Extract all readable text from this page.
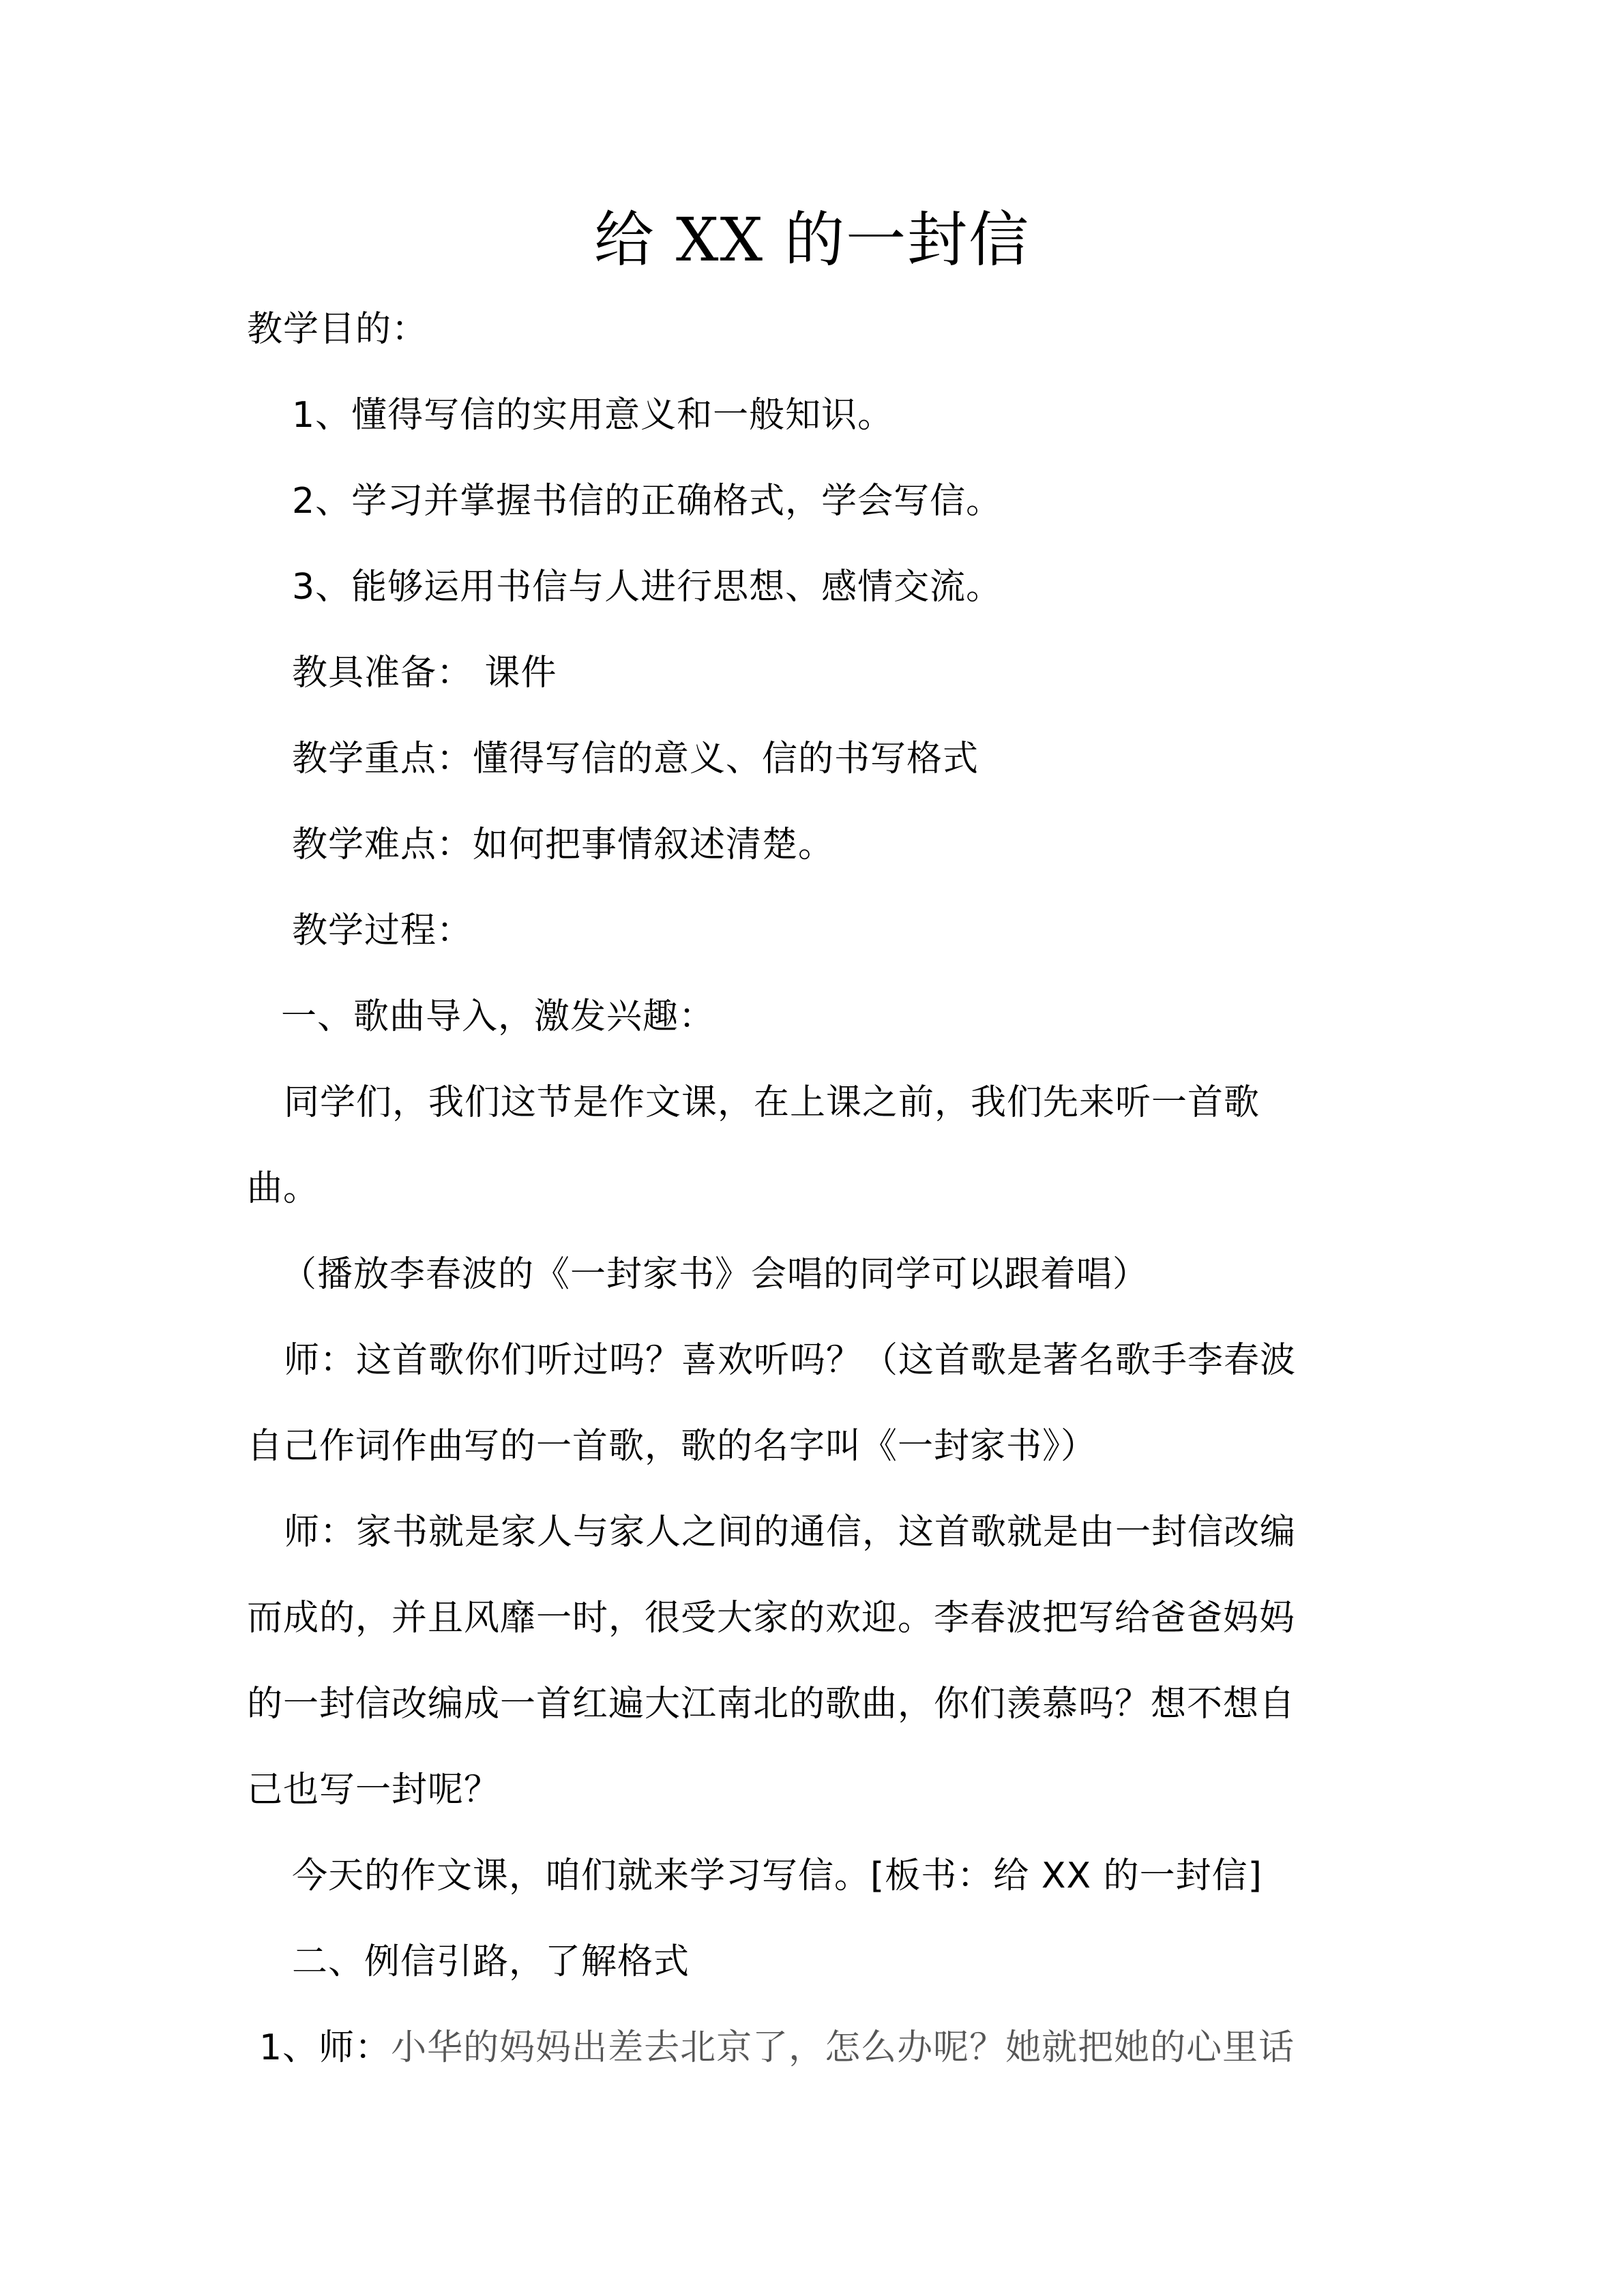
给 XX 的一封信
教学目的：
1、懂得写信的实用意义和一般知识。
2、学习并掌握书信的正确格式，学会写信。
3、能够运用书信与人进行思想、感情交流。
教具准备： 课件
教学重点：懂得写信的意义、信的书写格式
教学难点：如何把事情叙述清楚。
教学过程：
一、歌曲导入，激发兴趣：
同学们，我们这节是作文课，在上课之前，我们先来听一首歌
曲。
（播放李春波的《一封家书》会唱的同学可以跟着唱）
师：这首歌你们听过吗？喜欢听吗？（这首歌是著名歌手李春波
自己作词作曲写的一首歌，歌的名字叫《一封家书》）
师：家书就是家人与家人之间的通信，这首歌就是由一封信改编
而成的，并且风靡一时，很受大家的欢迎。李春波把写给爸爸妈妈
的一封信改编成一首红遍大江南北的歌曲，你们羡慕吗？想不想自
己也写一封呢？
今天的作文课，咱们就来学习写信。[板书：给 XX 的一封信]
二、例信引路，了解格式
1、师：小华的妈妈出差去北京了，怎么办呢？她就把她的心里话
